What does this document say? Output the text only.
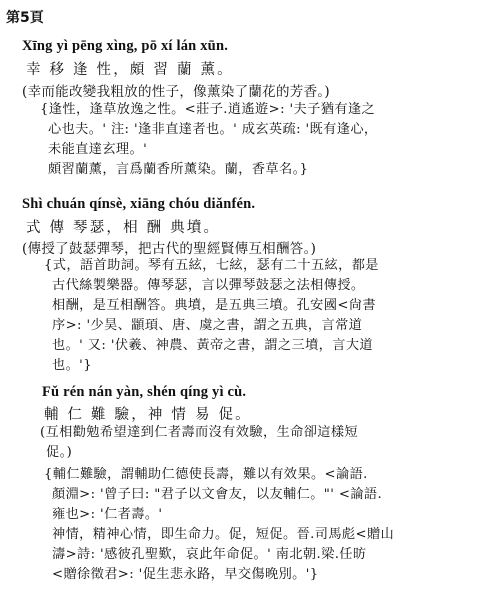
第5頁
Xīng yì pēng xìng, pō xí lán xūn.
幸 移 逢 性，頗 習 蘭 薰。
(幸而能改變我粗放的性子，像薰染了蘭花的芳香。)
{逢性，逢草放逸之性。<莊子.逍遙遊>: '夫子猶有逢之
心也夫。' 注: '逢非直達者也。' 成玄英疏: '既有逢心，
未能直達玄理。'
頗習蘭薰，言爲蘭香所薰染。蘭，香草名。}
Shì chuán qínsè, xiāng chóu diǎnfén.
式 傳 琴瑟，相 酬 典墳。
(傳授了鼓瑟彈琴，把古代的聖經賢傳互相酬答。)
{式，語首助詞。琴有五絃，七絃，瑟有二十五絃，都是
古代絲製樂器。傳琴瑟，言以彈琴鼓瑟之法相傳授。
相酬，是互相酬答。典墳，是五典三墳。孔安國<尙書
序>: '少昊、顓頊、唐、虞之書，謂之五典，言常道
也。' 又: '伏羲、神農、黃帝之書，謂之三墳，言大道
也。'}
Fǔ rén nán yàn, shén qíng yì cù.
輔 仁 難 驗，神 情 易 促。
(互相勸勉希望達到仁者壽而沒有效驗，生命卻這樣短
促。)
{輔仁難驗，謂輔助仁德使長壽，難以有效果。<論語.
顏淵>: '曾子曰: "君子以文會友，以友輔仁。"' <論語.
雍也>: '仁者壽。'
神情，精神心情，即生命力。促，短促。晉.司馬彪<贈山
濤>詩: '感彼孔聖歎，哀此年命促。' 南北朝.梁.任昉
<贈徐徵君>: '促生悲永路，早交傷晚別。'}
